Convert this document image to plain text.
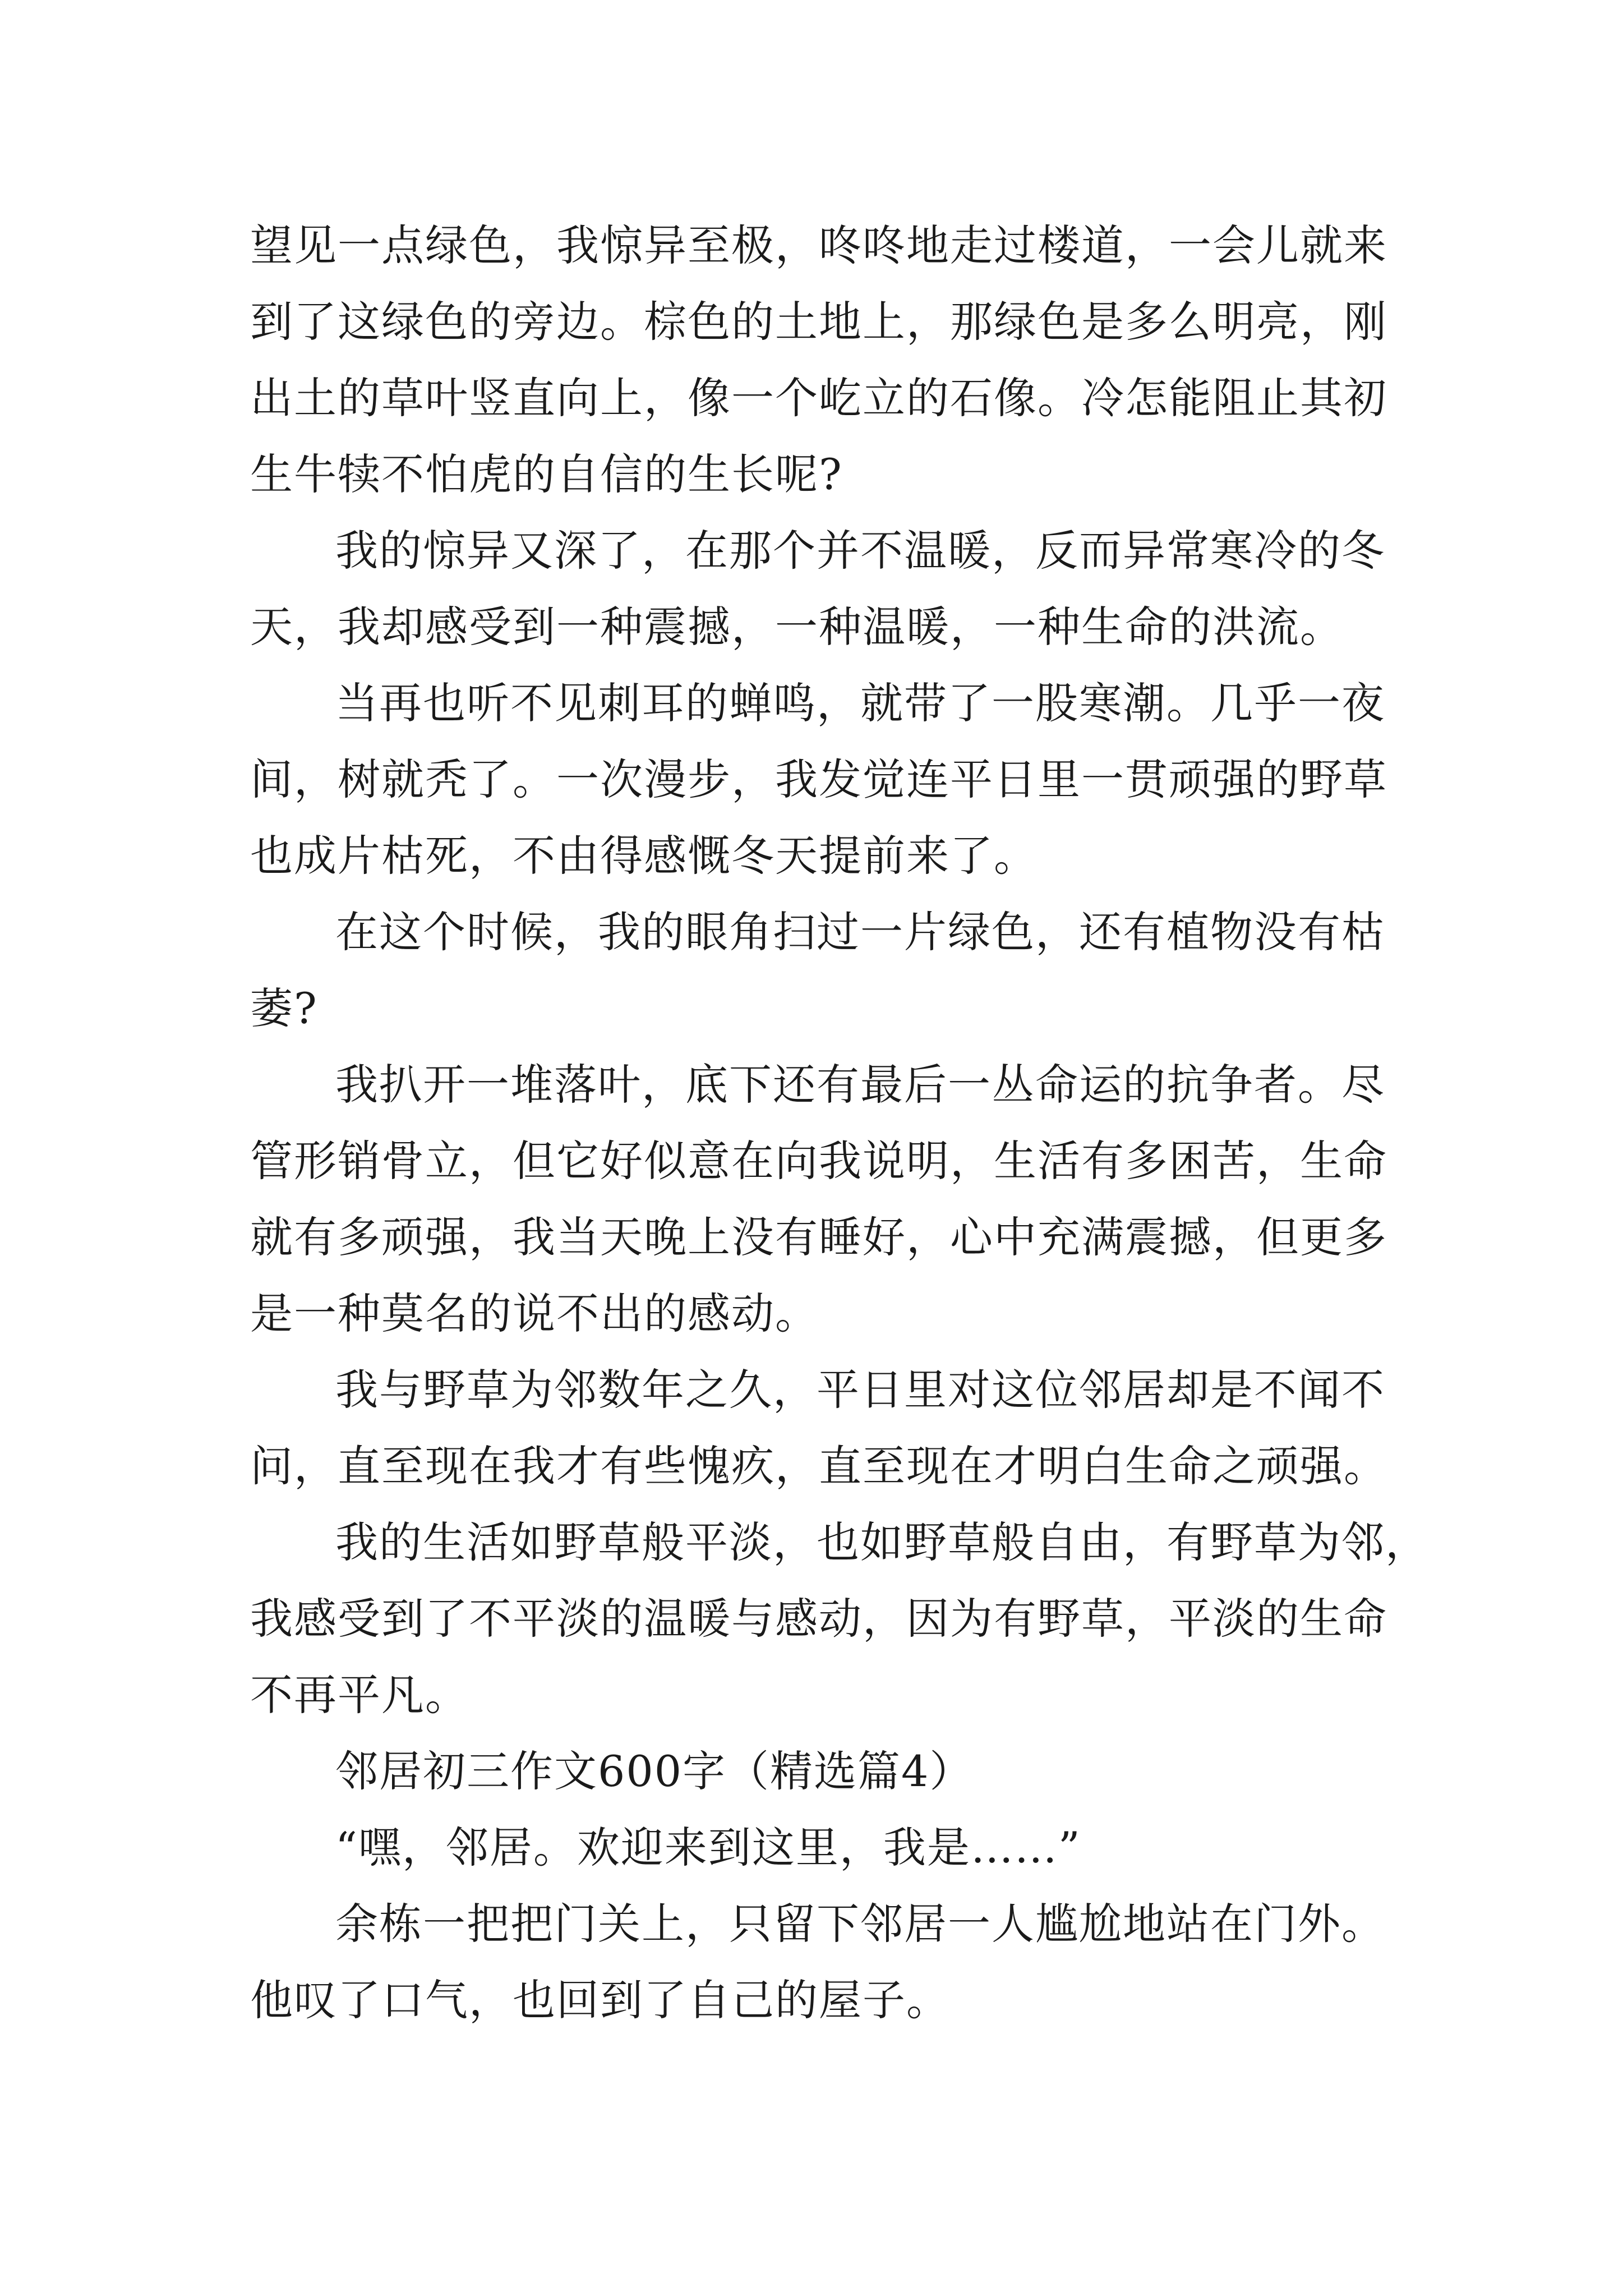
望见一点绿色，我惊异至极，咚咚地走过楼道，一会儿就来
到了这绿色的旁边。棕色的土地上，那绿色是多么明亮，刚
出土的草叶竖直向上，像一个屹立的石像。冷怎能阻止其初
生牛犊不怕虎的自信的生长呢?
我的惊异又深了，在那个并不温暖，反而异常寒冷的冬
天，我却感受到一种震撼，一种温暖，一种生命的洪流。
当再也听不见刺耳的蝉鸣，就带了一股寒潮。几乎一夜
间，树就秃了。一次漫步，我发觉连平日里一贯顽强的野草
也成片枯死，不由得感慨冬天提前来了。
在这个时候，我的眼角扫过一片绿色，还有植物没有枯
萎?
我扒开一堆落叶，底下还有最后一丛命运的抗争者。尽
管形销骨立，但它好似意在向我说明，生活有多困苦，生命
就有多顽强，我当天晚上没有睡好，心中充满震撼，但更多
是一种莫名的说不出的感动。
我与野草为邻数年之久，平日里对这位邻居却是不闻不
问，直至现在我才有些愧疚，直至现在才明白生命之顽强。
我的生活如野草般平淡，也如野草般自由，有野草为邻，
我感受到了不平淡的温暖与感动，因为有野草，平淡的生命
不再平凡。
邻居初三作文600字（精选篇4）
“嘿，邻居。欢迎来到这里，我是……”
余栋一把把门关上，只留下邻居一人尴尬地站在门外。
他叹了口气，也回到了自己的屋子。
